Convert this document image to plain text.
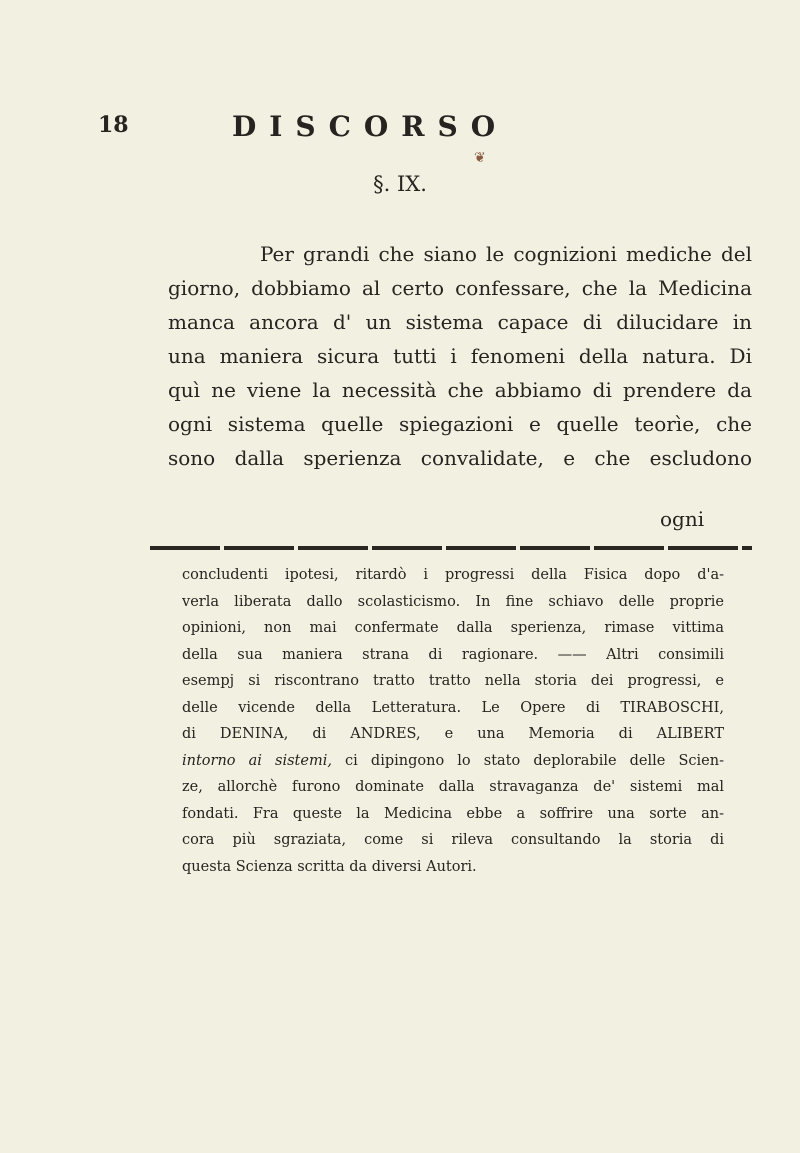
18	DISCORSO
❦
§. IX.
Per grandi che siano le cognizioni mediche del
giorno, dobbiamo al certo confessare, che la Medicina
manca ancora d' un sistema capace di dilucidare in
una maniera sicura tutti i fenomeni della natura. Di
quì ne viene la necessità che abbiamo di prendere da
ogni sistema quelle spiegazioni e quelle teorìe, che
sono dalla sperienza convalidate, e che escludono
ogni
concludenti ipotesi, ritardò i progressi della Fisica dopo d'a-
verla liberata dallo scolasticismo. In fine schiavo delle proprie
opinioni, non mai confermate dalla sperienza, rimase vittima
della sua maniera strana di ragionare. —— Altri consimili
esempj si riscontrano tratto tratto nella storia dei progressi, e
delle vicende della Letteratura. Le Opere di TIRABOSCHI,
di DENINA, di ANDRES, e una Memoria di ALIBERT
intorno ai sistemi, ci dipingono lo stato deplorabile delle Scien-
ze, allorchè furono dominate dalla stravaganza de' sistemi mal
fondati. Fra queste la Medicina ebbe a soffrire una sorte an-
cora più sgraziata, come si rileva consultando la storia di
questa Scienza scritta da diversi Autori.
